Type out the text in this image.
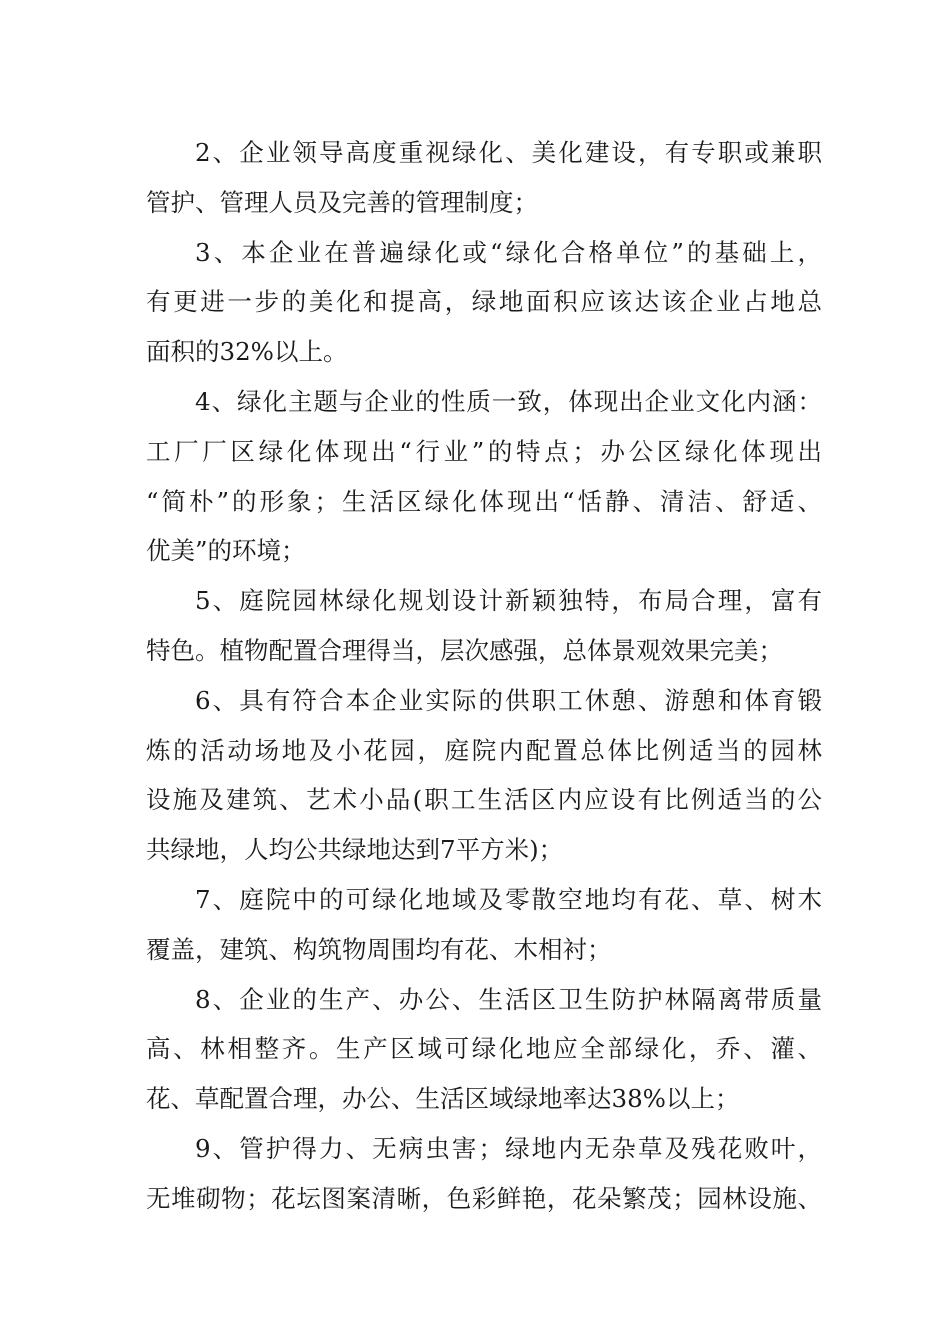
2、企业领导高度重视绿化、美化建设，有专职或兼职
管护、管理人员及完善的管理制度；
3、本企业在普遍绿化或“绿化合格单位”的基础上，
有更进一步的美化和提高，绿地面积应该达该企业占地总
面积的32%以上。
4、绿化主题与企业的性质一致，体现出企业文化内涵：
工厂厂区绿化体现出“行业”的特点；办公区绿化体现出
“简朴”的形象；生活区绿化体现出“恬静、清洁、舒适、
优美”的环境；
5、庭院园林绿化规划设计新颖独特，布局合理，富有
特色。植物配置合理得当，层次感强，总体景观效果完美；
6、具有符合本企业实际的供职工休憩、游憩和体育锻
炼的活动场地及小花园，庭院内配置总体比例适当的园林
设施及建筑、艺术小品(职工生活区内应设有比例适当的公
共绿地，人均公共绿地达到7平方米)；
7、庭院中的可绿化地域及零散空地均有花、草、树木
覆盖，建筑、构筑物周围均有花、木相衬；
8、企业的生产、办公、生活区卫生防护林隔离带质量
高、林相整齐。生产区域可绿化地应全部绿化，乔、灌、
花、草配置合理，办公、生活区域绿地率达38%以上；
9、管护得力、无病虫害；绿地内无杂草及残花败叶，
无堆砌物；花坛图案清晰，色彩鲜艳，花朵繁茂；园林设施、
